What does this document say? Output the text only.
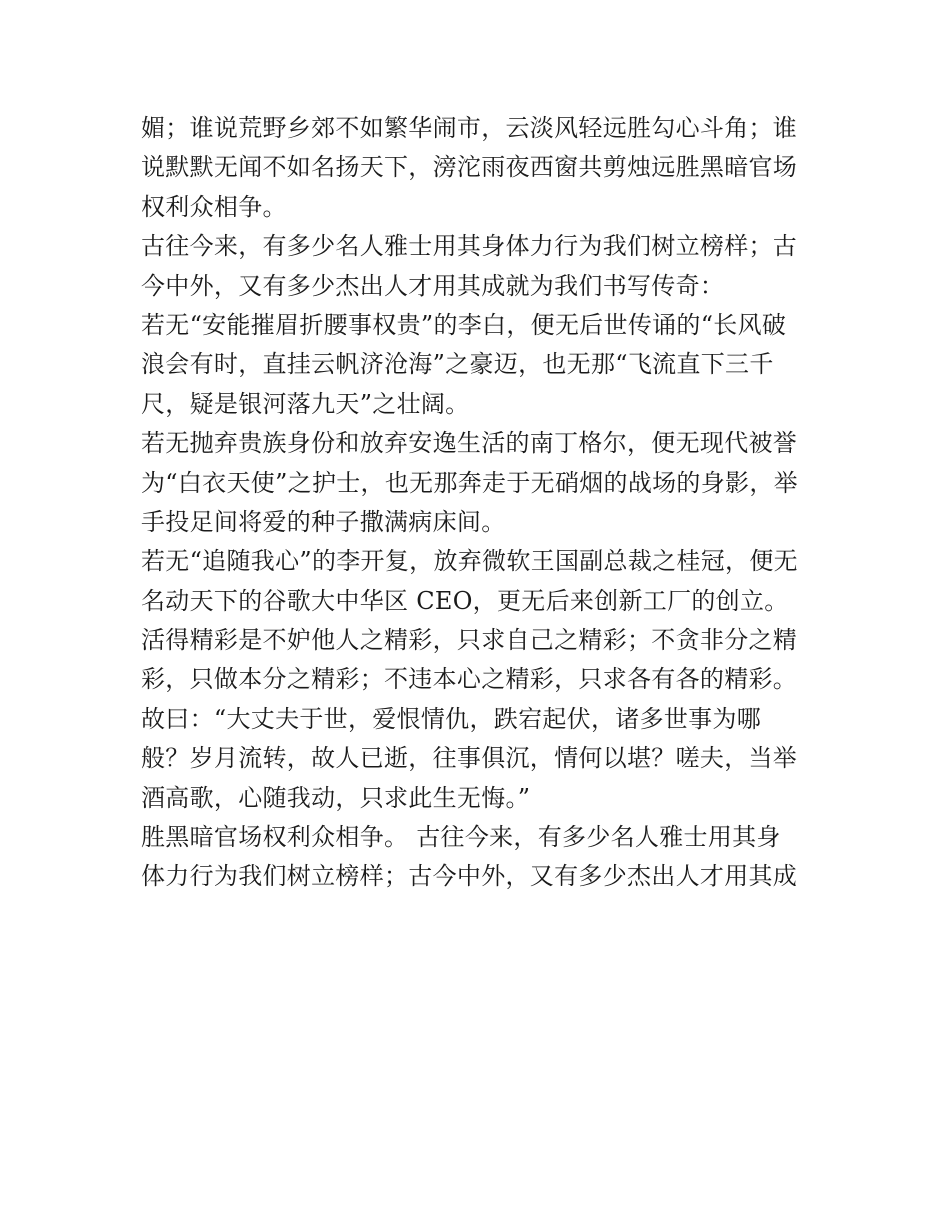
媚；谁说荒野乡郊不如繁华闹市，云淡风轻远胜勾心斗角；谁
说默默无闻不如名扬天下，滂沱雨夜西窗共剪烛远胜黑暗官场
权利众相争。
古往今来，有多少名人雅士用其身体力行为我们树立榜样；古
今中外，又有多少杰出人才用其成就为我们书写传奇：
若无“安能摧眉折腰事权贵”的李白，便无后世传诵的“长风破
浪会有时，直挂云帆济沧海”之豪迈，也无那“飞流直下三千
尺，疑是银河落九天”之壮阔。
若无抛弃贵族身份和放弃安逸生活的南丁格尔，便无现代被誉
为“白衣天使”之护士，也无那奔走于无硝烟的战场的身影，举
手投足间将爱的种子撒满病床间。
若无“追随我心”的李开复，放弃微软王国副总裁之桂冠，便无
名动天下的谷歌大中华区 CEO，更无后来创新工厂的创立。
活得精彩是不妒他人之精彩，只求自己之精彩；不贪非分之精
彩，只做本分之精彩；不违本心之精彩，只求各有各的精彩。
故曰：“大丈夫于世，爱恨情仇，跌宕起伏，诸多世事为哪
般？岁月流转，故人已逝，往事俱沉，情何以堪？嗟夫，当举
酒高歌，心随我动，只求此生无悔。”
胜黑暗官场权利众相争。 古往今来，有多少名人雅士用其身
体力行为我们树立榜样；古今中外，又有多少杰出人才用其成
